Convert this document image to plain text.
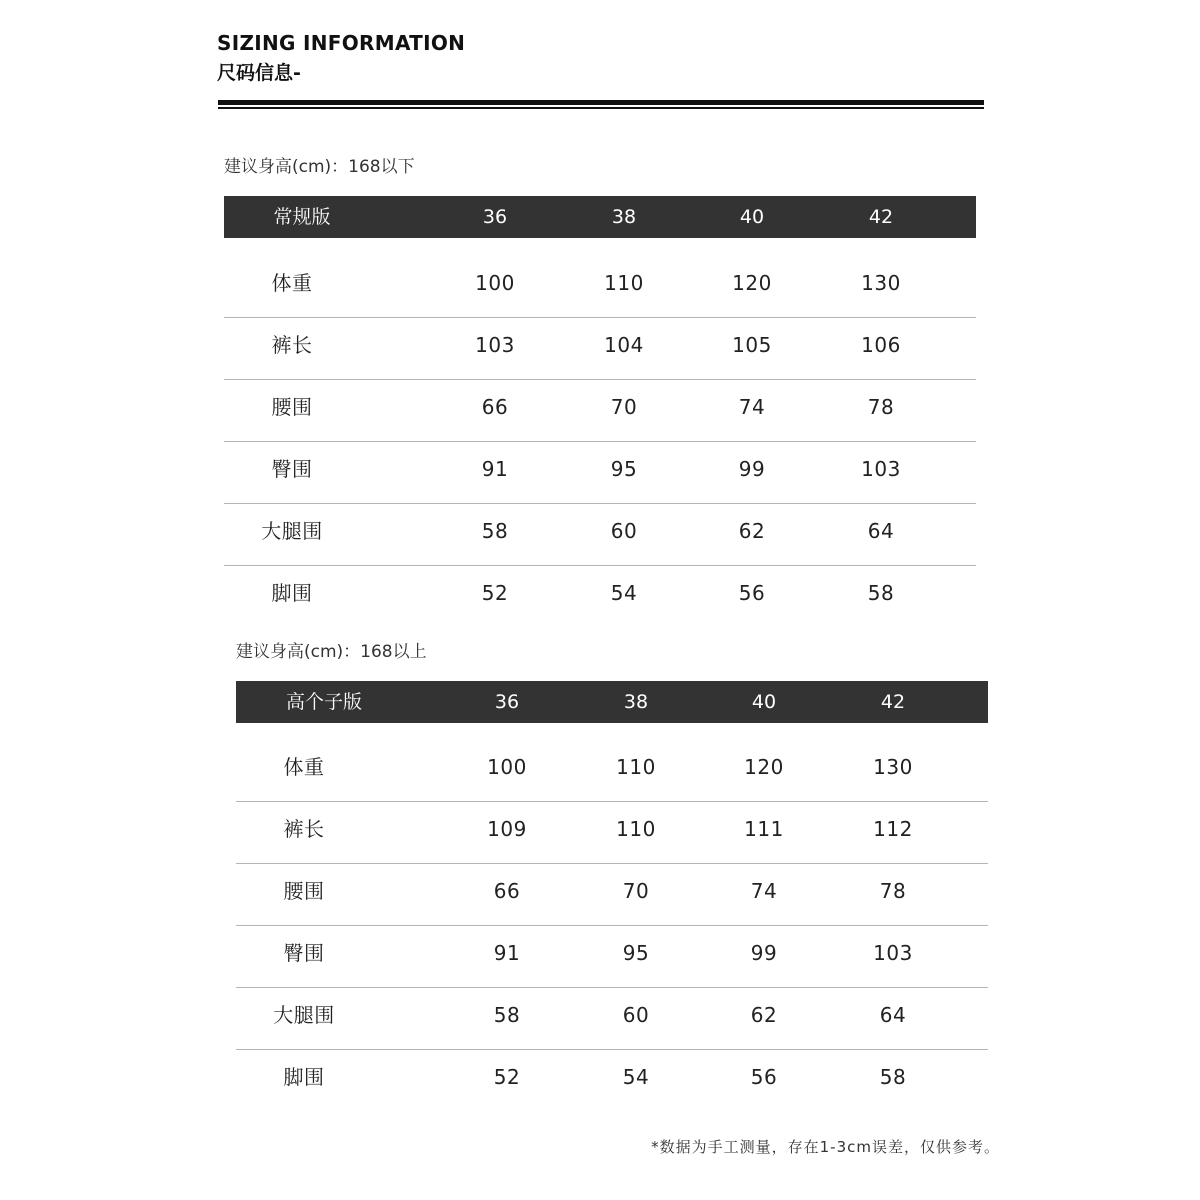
SIZING INFORMATION
尺码信息-
建议身高(cm)：168以下
常规版	36	38	40	42
体重	100	110	120	130
裤长	103	104	105	106
腰围	66	70	74	78
臀围	91	95	99	103
大腿围	58	60	62	64
脚围	52	54	56	58
建议身高(cm)：168以上
高个子版	36	38	40	42
体重	100	110	120	130
裤长	109	110	111	112
腰围	66	70	74	78
臀围	91	95	99	103
大腿围	58	60	62	64
脚围	52	54	56	58
*数据为手工测量，存在1-3cm误差，仅供参考。
